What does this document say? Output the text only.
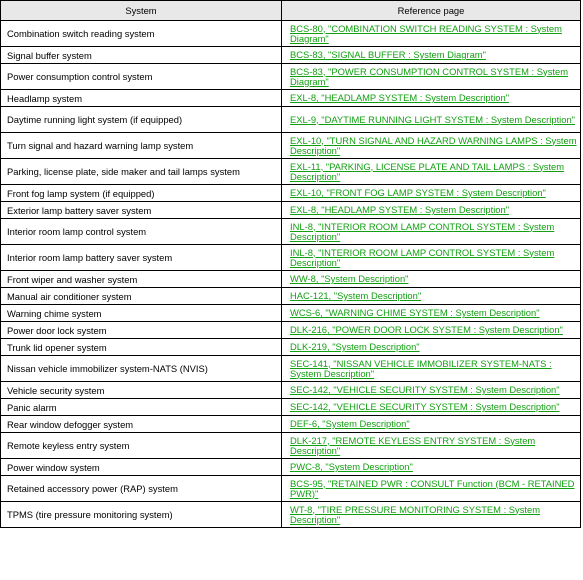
System	Reference page
Combination switch reading system	BCS-80, "COMBINATION SWITCH READING SYSTEM : System Diagram"
Signal buffer system	BCS-83, "SIGNAL BUFFER : System Diagram"
Power consumption control system	BCS-83, "POWER CONSUMPTION CONTROL SYSTEM : System Diagram"
Headlamp system	EXL-8, "HEADLAMP SYSTEM : System Description"
Daytime running light system (if equipped)	EXL-9, "DAYTIME RUNNING LIGHT SYSTEM : System Description"
Turn signal and hazard warning lamp system	EXL-10, "TURN SIGNAL AND HAZARD WARNING LAMPS : System Description"
Parking, license plate, side maker and tail lamps system	EXL-11, "PARKING, LICENSE PLATE AND TAIL LAMPS : System Description"
Front fog lamp system (if equipped)	EXL-10, "FRONT FOG LAMP SYSTEM : System Description"
Exterior lamp battery saver system	EXL-8, "HEADLAMP SYSTEM : System Description"
Interior room lamp control system	INL-8, "INTERIOR ROOM LAMP CONTROL SYSTEM : System Description"
Interior room lamp battery saver system	INL-8, "INTERIOR ROOM LAMP CONTROL SYSTEM : System Description"
Front wiper and washer system	WW-8, "System Description"
Manual air conditioner system	HAC-121, "System Description"
Warning chime system	WCS-6, "WARNING CHIME SYSTEM : System Description"
Power door lock system	DLK-216, "POWER DOOR LOCK SYSTEM : System Description"
Trunk lid opener system	DLK-219, "System Description"
Nissan vehicle immobilizer system-NATS (NVIS)	SEC-141, "NISSAN VEHICLE IMMOBILIZER SYSTEM-NATS : System Description"
Vehicle security system	SEC-142, "VEHICLE SECURITY SYSTEM : System Description"
Panic alarm	SEC-142, "VEHICLE SECURITY SYSTEM : System Description"
Rear window defogger system	DEF-6, "System Description"
Remote keyless entry system	DLK-217, "REMOTE KEYLESS ENTRY SYSTEM : System Description"
Power window system	PWC-8, "System Description"
Retained accessory power (RAP) system	BCS-95, "RETAINED PWR : CONSULT Function (BCM - RETAINED PWR)"
TPMS (tire pressure monitoring system)	WT-8, "TIRE PRESSURE MONITORING SYSTEM : System Description"
